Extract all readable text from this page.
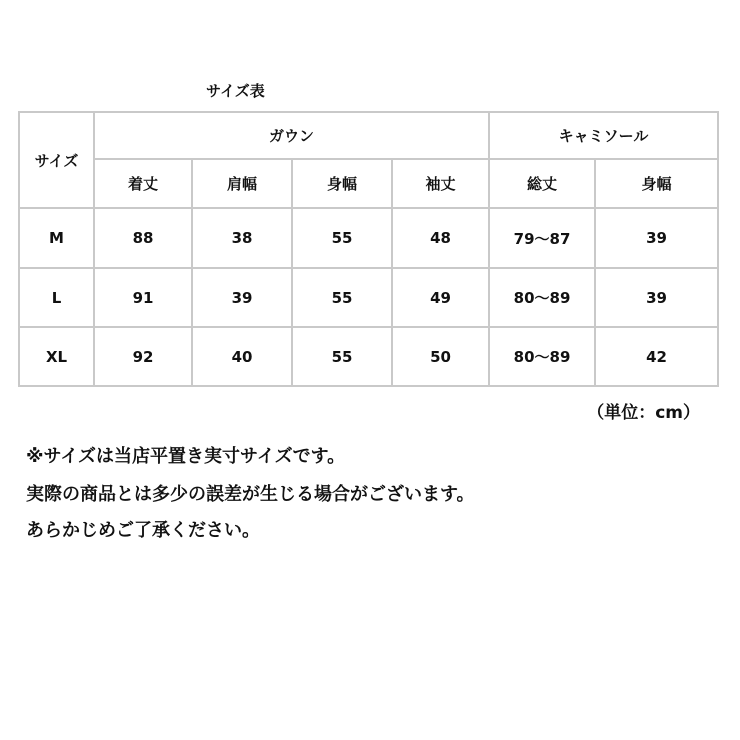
サイズ表
サイズ	ガウン				キャミソール	
	着丈	肩幅	身幅	袖丈	総丈	身幅
M	88	38	55	48	79～87	39
L	91	39	55	49	80～89	39
XL	92	40	55	50	80～89	42
（単位：cm）
※サイズは当店平置き実寸サイズです。
実際の商品とは多少の誤差が生じる場合がございます。
あらかじめご了承ください。
